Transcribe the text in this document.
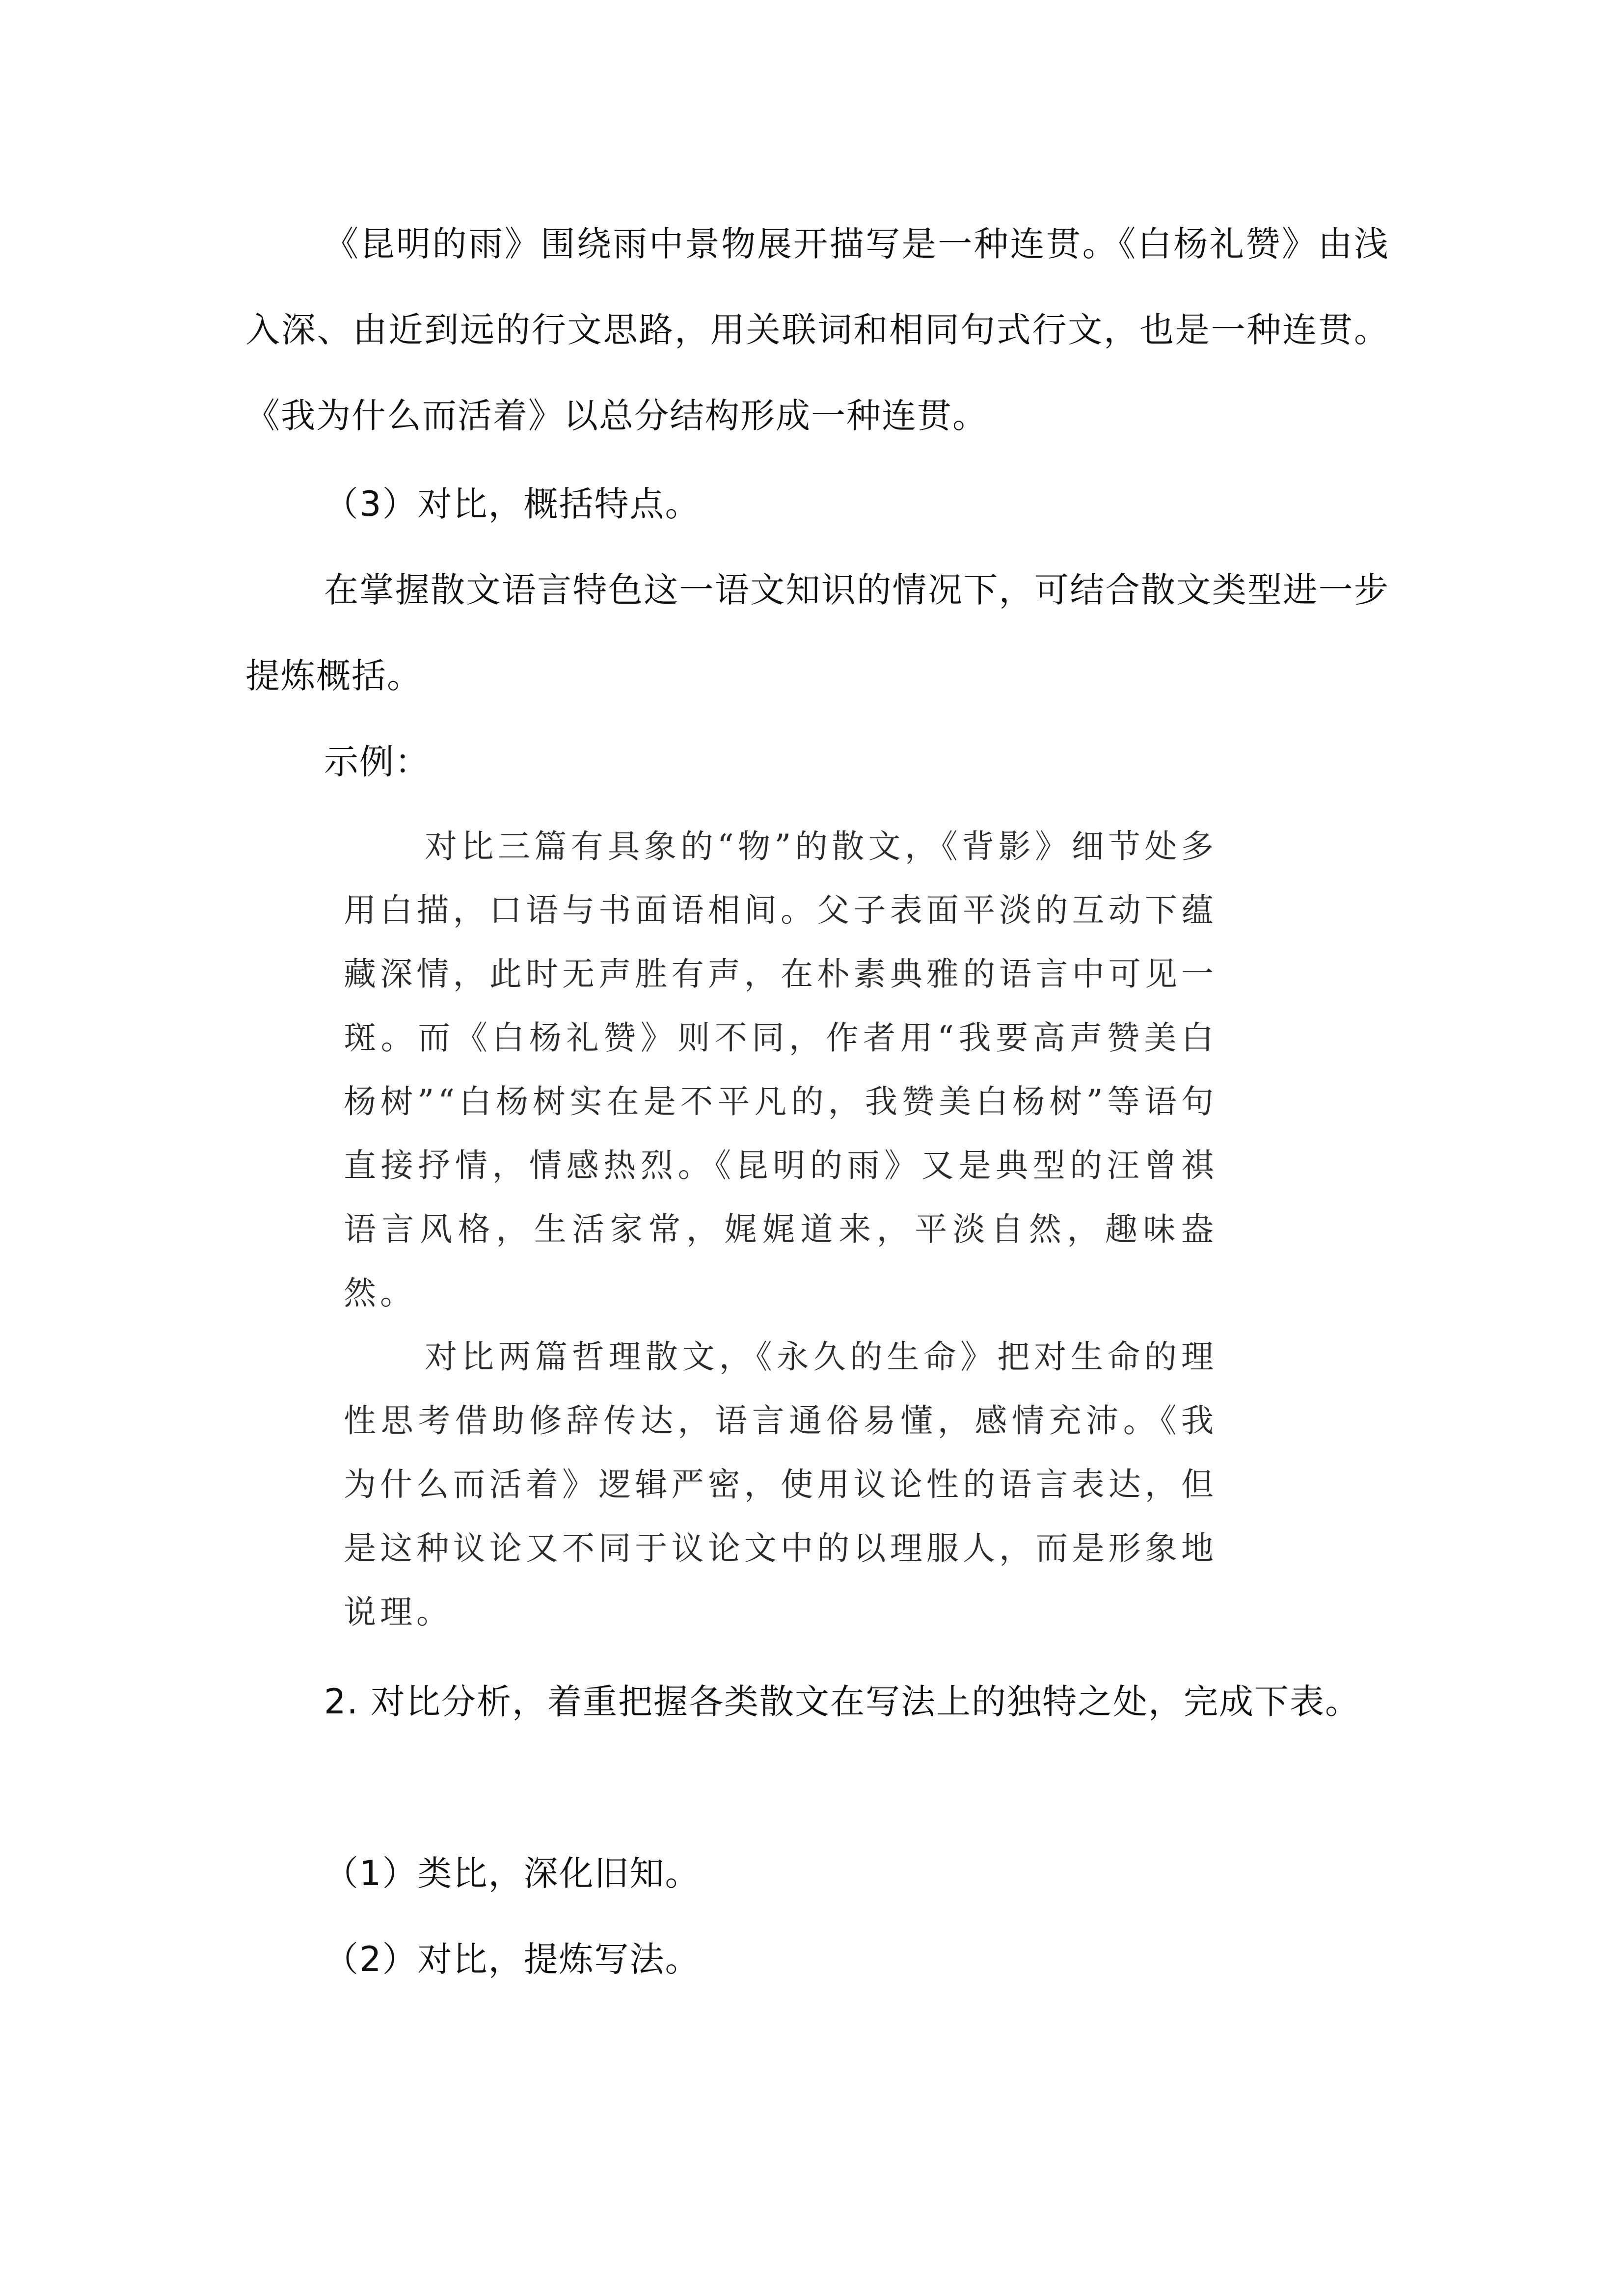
《昆明的雨》围绕雨中景物展开描写是一种连贯。《白杨礼赞》由浅入深、由近到远的行文思路，用关联词和相同句式行文，也是一种连贯。《我为什么而活着》以总分结构形成一种连贯。

（3）对比，概括特点。

在掌握散文语言特色这一语文知识的情况下，可结合散文类型进一步提炼概括。

示例：

对比三篇有具象的“物”的散文，《背影》细节处多用白描，口语与书面语相间。父子表面平淡的互动下蕴藏深情，此时无声胜有声，在朴素典雅的语言中可见一斑。而《白杨礼赞》则不同，作者用“我要高声赞美白杨树”“白杨树实在是不平凡的，我赞美白杨树”等语句直接抒情，情感热烈。《昆明的雨》又是典型的汪曾祺语言风格，生活家常，娓娓道来，平淡自然，趣味盎然。

对比两篇哲理散文，《永久的生命》把对生命的理性思考借助修辞传达，语言通俗易懂，感情充沛。《我为什么而活着》逻辑严密，使用议论性的语言表达，但是这种议论又不同于议论文中的以理服人，而是形象地说理。

2. 对比分析，着重把握各类散文在写法上的独特之处，完成下表。

（1）类比，深化旧知。

（2）对比，提炼写法。
